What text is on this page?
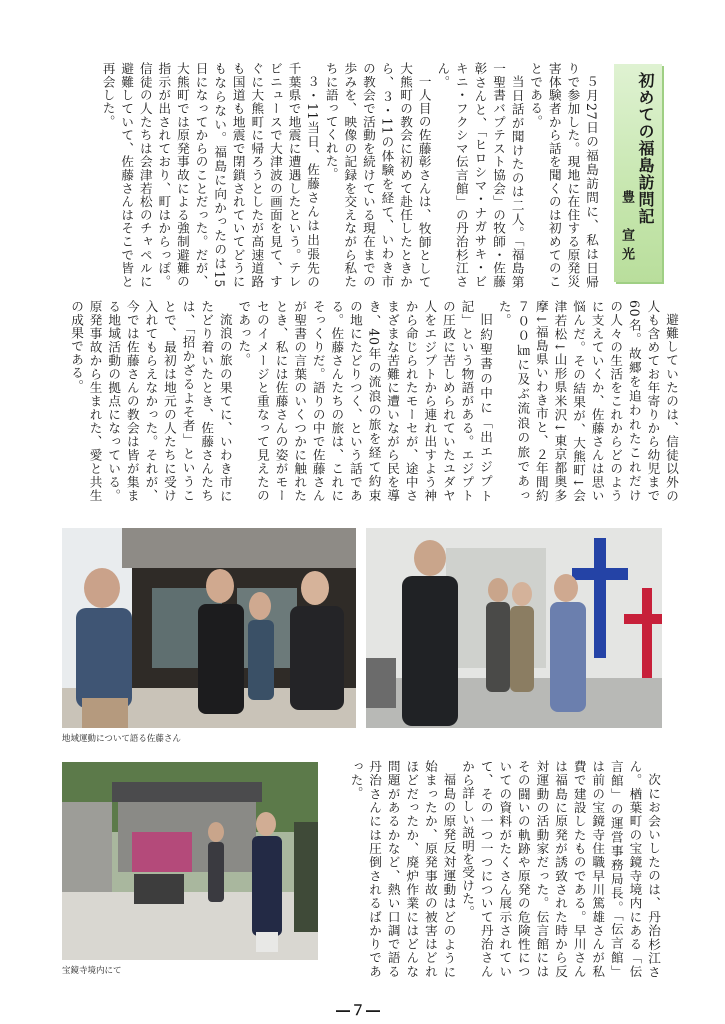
初めての福島訪問記
豊　宣光

５月27日の福島訪問に、私は日帰りで参加した。現地に在住する原発災害体験者から話を聞くのは初めてのことである。

当日話が聞けたのは二人。「福島第一聖書バプテスト協会」の牧師・佐藤彰さんと、「ヒロシマ・ナガサキ・ビキニ・フクシマ伝言館」の丹治杉江さん。

一人目の佐藤彰さんは、牧師として大熊町の教会に初めて赴任したときから、３・11の体験を経て、いわき市の教会で活動を続けている現在までの歩みを、映像の記録を交えながら私たちに語ってくれた。

３・11当日、佐藤さんは出張先の千葉県で地震に遭遇したという。テレビニュースで大津波の画面を見て、すぐに大熊町に帰ろうとしたが高速道路も国道も地震で閉鎖されていてどうにもならない。福島に向かったのは15日になってからのことだった。だが、大熊町では原発事故による強制避難の指示が出されており、町はからっぽ。信徒の人たちは会津若松のチャペルに避難していて、佐藤さんはそこで皆と再会した。

避難していたのは、信徒以外の人も含めてお年寄りから幼児まで60名。故郷を追われたこれだけの人々の生活をこれからどのように支えていくか、佐藤さんは思い悩んだ。その結果が、大熊町↓会津若松↓山形県米沢↓東京都奥多摩↓福島県いわき市と、２年間約７００㎞に及ぶ流浪の旅であった。

旧約聖書の中に「出エジプト記」という物語がある。エジプトの圧政に苦しめられていたユダヤ人をエジプトから連れ出すよう神から命じられたモーセが、途中さまざまな苦難に遭いながら民を導き、40年の流浪の旅を経て約束の地にたどりつく、という話である。佐藤さんたちの旅は、これにそっくりだ。語りの中で佐藤さんが聖書の言葉のいくつかに触れたとき、私には佐藤さんの姿がモーセのイメージと重なって見えたのであった。

流浪の旅の果てに、いわき市にたどり着いたとき、佐藤さんたちは、「招かざるよそ者」ということで、最初は地元の人たちに受け入れてもらえなかった。それが、今では佐藤さんの教会は皆が集まる地域活動の拠点になっている。原発事故から生まれた、愛と共生の成果である。

地域運動について語る佐藤さん
宝鏡寺境内にて	次にお会いしたのは、丹治杉江さん。楢葉町の宝鏡寺境内にある「伝言館」の運営事務局長。「伝言館」は前の宝鏡寺住職早川篤雄さんが私費で建設したものである。早川さんは福島に原発が誘致された時から反対運動の活動家だった。伝言館にはその闘いの軌跡や原発の危険性についての資料がたくさん展示されていて、その一つ一つについて丹治さんから詳しい説明を受けた。

福島の原発反対運動はどのように始まったか、原発事故の被害はどれほどだったか、廃炉作業にはどんな問題があるかなど、熱い口調で語る丹治さんには圧倒されるばかりであった。

―７―
